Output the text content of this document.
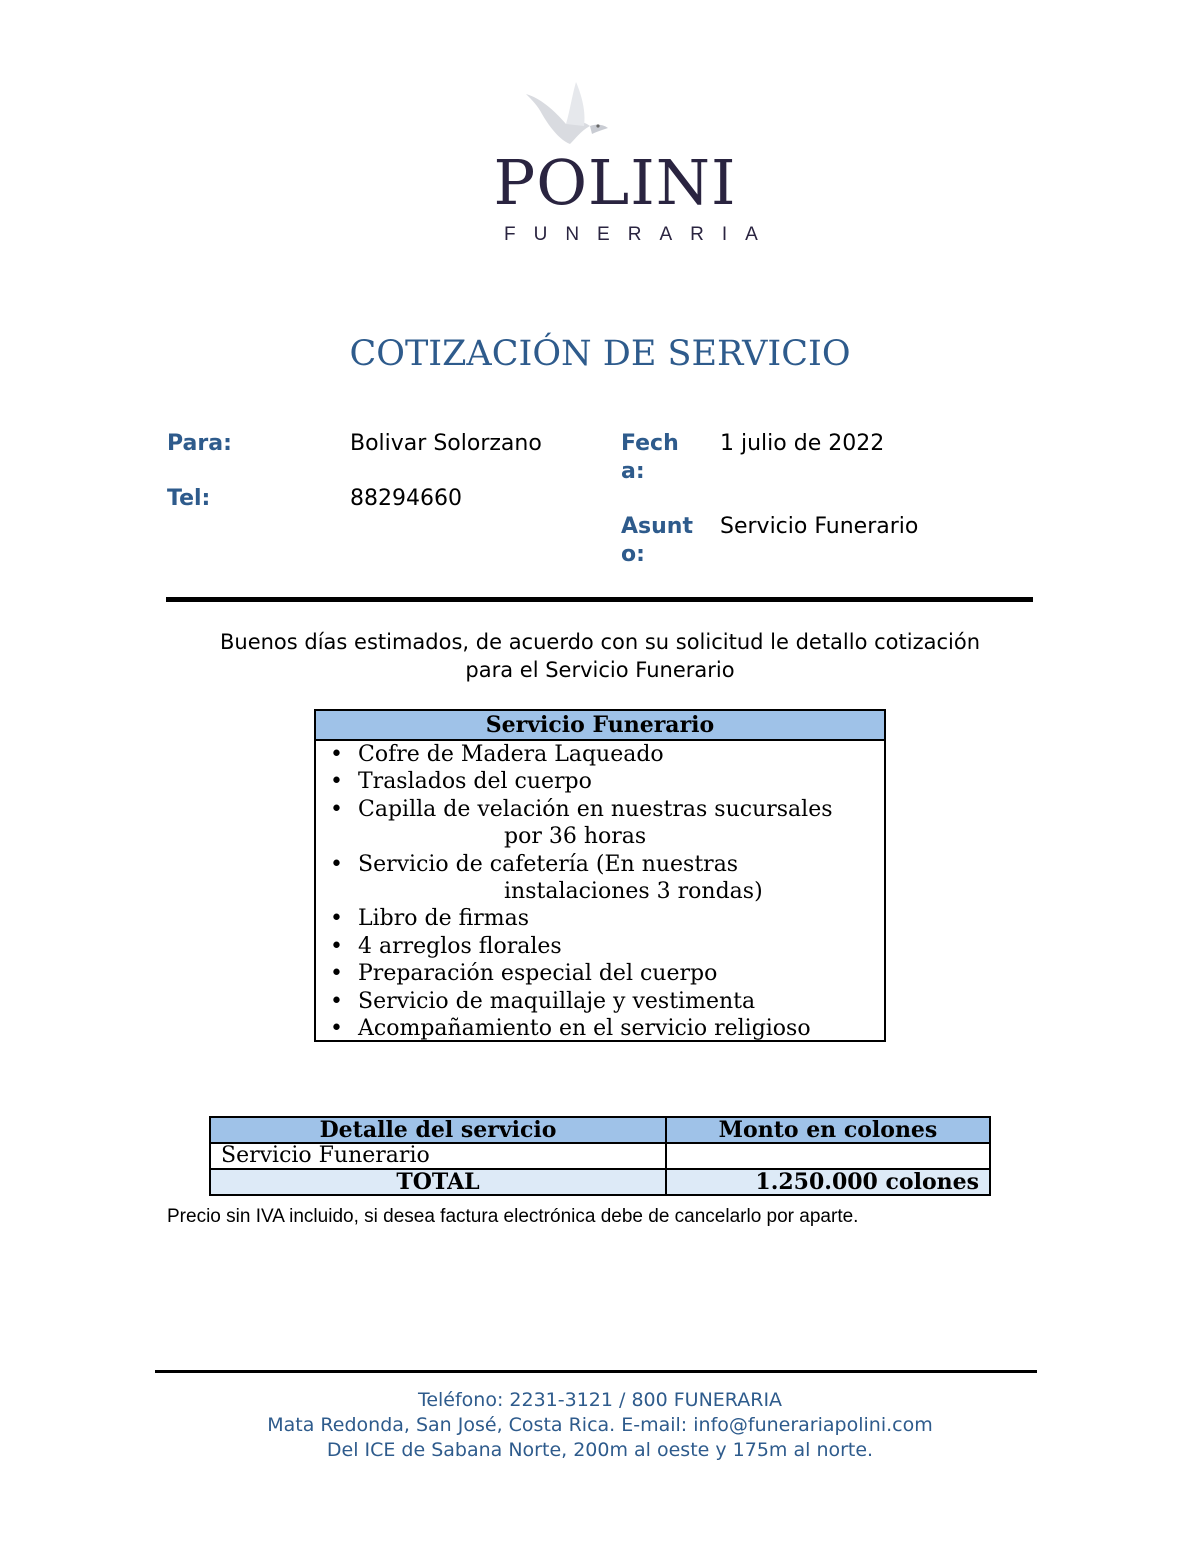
POLINI
FUNERARIA
COTIZACIÓN DE SERVICIO
Para:	Bolivar Solorzano
Tel:	88294660
Fech
a:
1 julio de 2022
Asunt
o:
Servicio Funerario
Buenos días estimados, de acuerdo con su solicitud le detallo cotización
para el Servicio Funerario
Servicio Funerario
• Cofre de Madera Laqueado
• Traslados del cuerpo
• Capilla de velación en nuestras sucursales
por 36 horas
• Servicio de cafetería (En nuestras
instalaciones 3 rondas)
• Libro de firmas
• 4 arreglos florales
• Preparación especial del cuerpo
• Servicio de maquillaje y vestimenta
• Acompañamiento en el servicio religioso
Detalle del servicio	Monto en colones
Servicio Funerario	
TOTAL	1.250.000 colones
Precio sin IVA incluido, si desea factura electrónica debe de cancelarlo por aparte.
Teléfono: 2231-3121 / 800 FUNERARIA
Mata Redonda, San José, Costa Rica. E-mail: info@funerariapolini.com
Del ICE de Sabana Norte, 200m al oeste y 175m al norte.
